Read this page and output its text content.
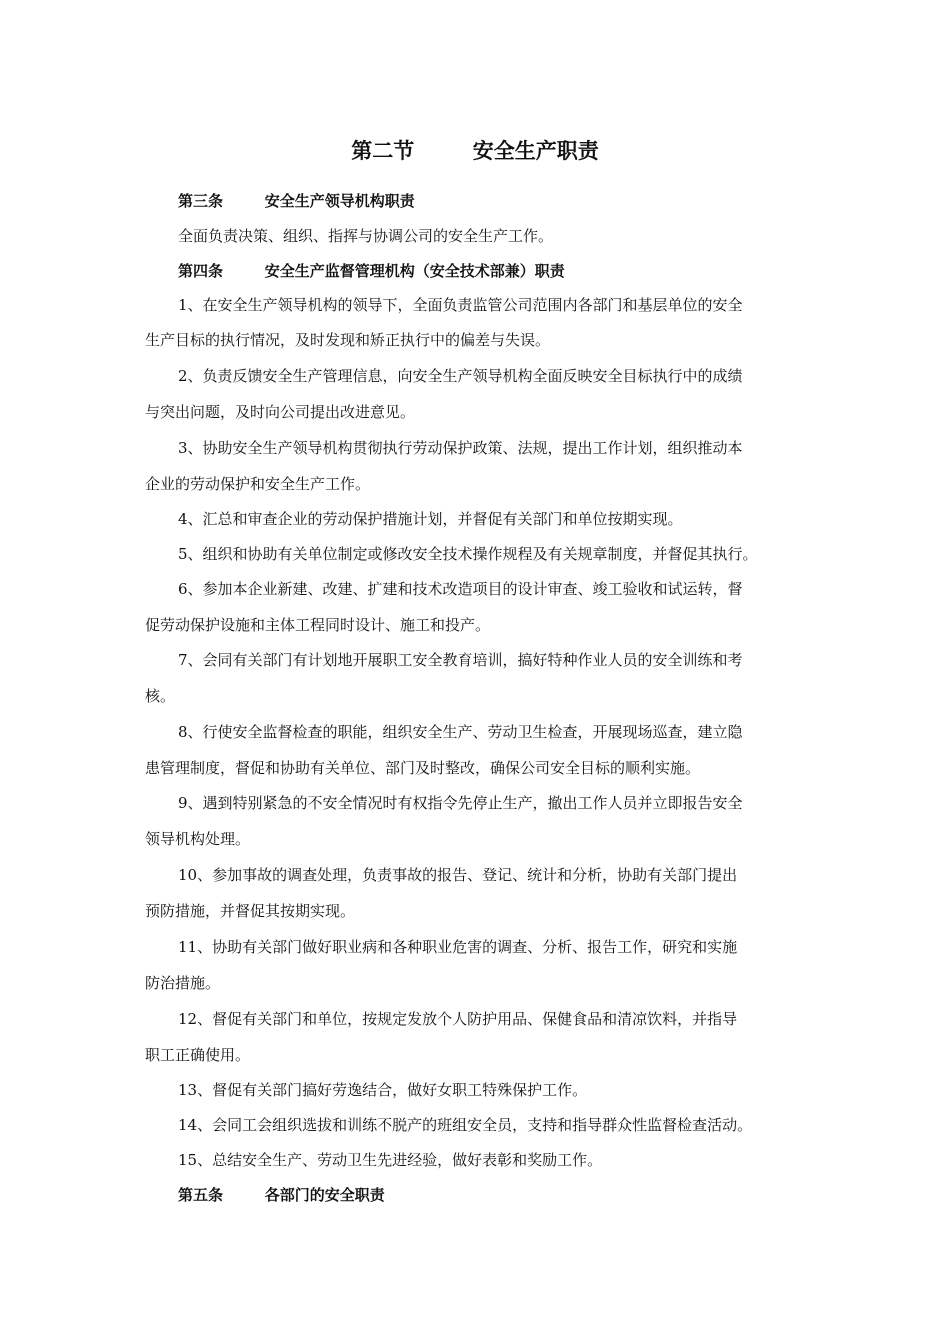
第二节        安全生产职责
第三条        安全生产领导机构职责
全面负责决策、组织、指挥与协调公司的安全生产工作。
第四条        安全生产监督管理机构（安全技术部兼）职责
1、在安全生产领导机构的领导下，全面负责监管公司范围内各部门和基层单位的安全
生产目标的执行情况，及时发现和矫正执行中的偏差与失误。
2、负责反馈安全生产管理信息，向安全生产领导机构全面反映安全目标执行中的成绩
与突出问题，及时向公司提出改进意见。
3、协助安全生产领导机构贯彻执行劳动保护政策、法规，提出工作计划，组织推动本
企业的劳动保护和安全生产工作。
4、汇总和审查企业的劳动保护措施计划，并督促有关部门和单位按期实现。
5、组织和协助有关单位制定或修改安全技术操作规程及有关规章制度，并督促其执行。
6、参加本企业新建、改建、扩建和技术改造项目的设计审查、竣工验收和试运转，督
促劳动保护设施和主体工程同时设计、施工和投产。
7、会同有关部门有计划地开展职工安全教育培训，搞好特种作业人员的安全训练和考
核。
8、行使安全监督检查的职能，组织安全生产、劳动卫生检查，开展现场巡查，建立隐
患管理制度，督促和协助有关单位、部门及时整改，确保公司安全目标的顺利实施。
9、遇到特别紧急的不安全情况时有权指令先停止生产，撤出工作人员并立即报告安全
领导机构处理。
10、参加事故的调查处理，负责事故的报告、登记、统计和分析，协助有关部门提出
预防措施，并督促其按期实现。
11、协助有关部门做好职业病和各种职业危害的调查、分析、报告工作，研究和实施
防治措施。
12、督促有关部门和单位，按规定发放个人防护用品、保健食品和清凉饮料，并指导
职工正确使用。
13、督促有关部门搞好劳逸结合，做好女职工特殊保护工作。
14、会同工会组织选拔和训练不脱产的班组安全员，支持和指导群众性监督检查活动。
15、总结安全生产、劳动卫生先进经验，做好表彰和奖励工作。
第五条        各部门的安全职责
